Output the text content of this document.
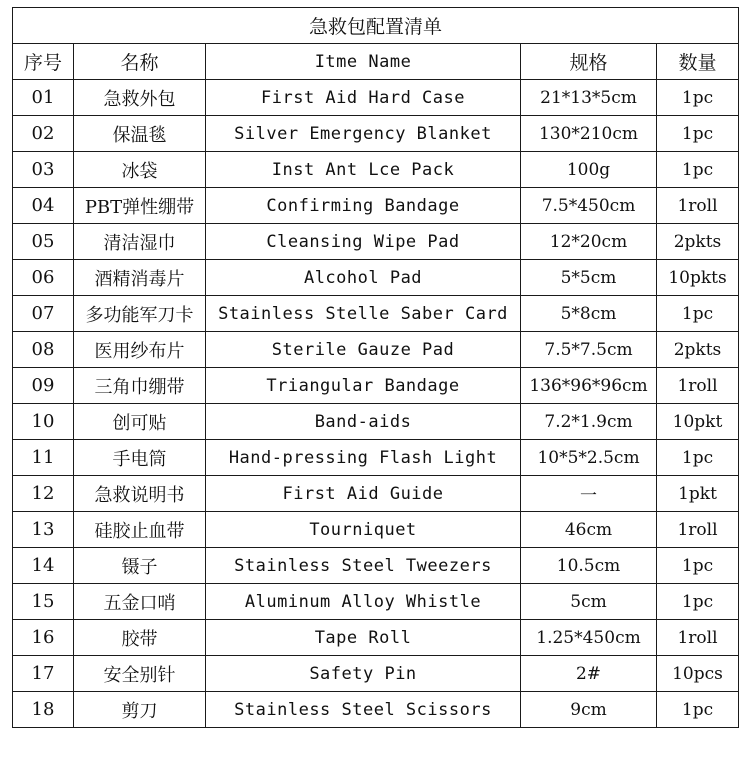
急救包配置清单				
序号	名称	Itme Name	规格	数量
01	急救外包	First Aid Hard Case	21*13*5cm	1pc
02	保温毯	Silver Emergency Blanket	130*210cm	1pc
03	冰袋	Inst Ant Lce Pack	100g	1pc
04	PBT弹性绷带	Confirming Bandage	7.5*450cm	1roll
05	清洁湿巾	Cleansing Wipe Pad	12*20cm	2pkts
06	酒精消毒片	Alcohol Pad	5*5cm	10pkts
07	多功能军刀卡	Stainless Stelle Saber Card	5*8cm	1pc
08	医用纱布片	Sterile Gauze Pad	7.5*7.5cm	2pkts
09	三角巾绷带	Triangular Bandage	136*96*96cm	1roll
10	创可贴	Band-aids	7.2*1.9cm	10pkt
11	手电筒	Hand-pressing Flash Light	10*5*2.5cm	1pc
12	急救说明书	First Aid Guide	一	1pkt
13	硅胶止血带	Tourniquet	46cm	1roll
14	镊子	Stainless Steel Tweezers	10.5cm	1pc
15	五金口哨	Aluminum Alloy Whistle	5cm	1pc
16	胶带	Tape Roll	1.25*450cm	1roll
17	安全别针	Safety Pin	2#	10pcs
18	剪刀	Stainless Steel Scissors	9cm	1pc
